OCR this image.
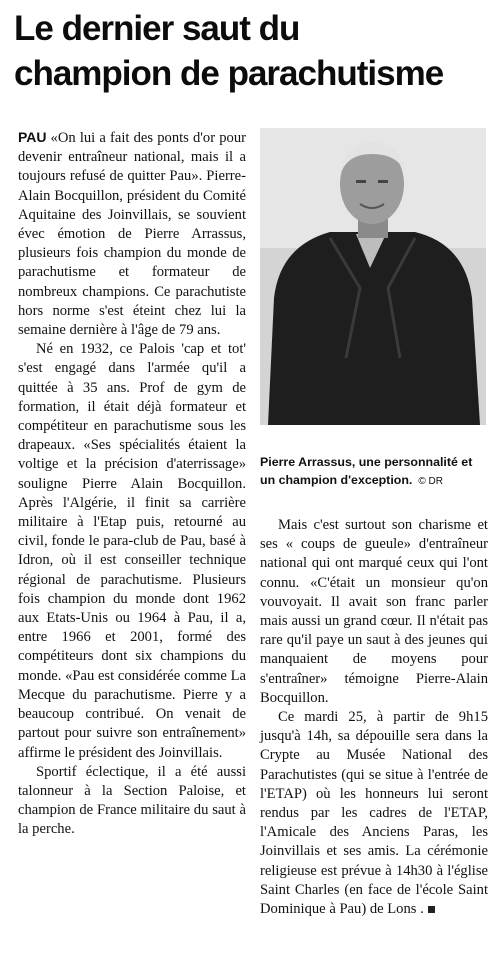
Le dernier saut du
champion de parachutisme

PAU «On lui a fait des ponts d'or pour devenir entraîneur national, mais il a toujours refusé de quitter Pau». Pierre-Alain Bocquillon, président du Comité Aquitaine des Joinvillais, se souvient évec émotion de Pierre Arrassus, plusieurs fois champion du monde de parachutisme et formateur de nombreux champions. Ce parachutiste hors norme s'est éteint chez lui la semaine dernière à l'âge de 79 ans.

Né en 1932, ce Palois 'cap et tot' s'est engagé dans l'armée qu'il a quittée à 35 ans. Prof de gym de formation, il était déjà formateur et compétiteur en parachutisme sous les drapeaux. «Ses spécialités étaient la voltige et la précision d'aterrissage» souligne Pierre Alain Bocquillon. Après l'Algérie, il finit sa carrière militaire à l'Etap puis, retourné au civil, fonde le para-club de Pau, basé à Idron, où il est conseiller technique régional de parachutisme. Plusieurs fois champion du monde dont 1962 aux Etats-Unis ou 1964 à Pau, il a, entre 1966 et 2001, formé des compétiteurs dont six champions du monde. «Pau est considérée comme La Mecque du parachutisme. Pierre y a beaucoup contribué. On venait de partout pour suivre son entraînement» affirme le président des Joinvillais.

Sportif éclectique, il a été aussi talonneur à la Section Paloise, et champion de France militaire du saut à la perche.

Pierre Arrassus, une personnalité et un champion d'exception. © DR

Mais c'est surtout son charisme et ses « coups de gueule» d'entraîneur national qui ont marqué ceux qui l'ont connu. «C'était un monsieur qu'on vouvoyait. Il avait son franc parler mais aussi un grand cœur. Il n'était pas rare qu'il paye un saut à des jeunes qui manquaient de moyens pour s'entraîner» témoigne Pierre-Alain Bocquillon.

Ce mardi 25, à partir de 9h15 jusqu'à 14h, sa dépouille sera dans la Crypte au Musée National des Parachutistes (qui se situe à l'entrée de l'ETAP) où les honneurs lui seront rendus par les cadres de l'ETAP, l'Amicale des Anciens Paras, les Joinvillais et ses amis. La cérémonie religieuse est prévue à 14h30 à l'église Saint Charles (en face de l'école Saint Dominique à Pau) de Lons .
